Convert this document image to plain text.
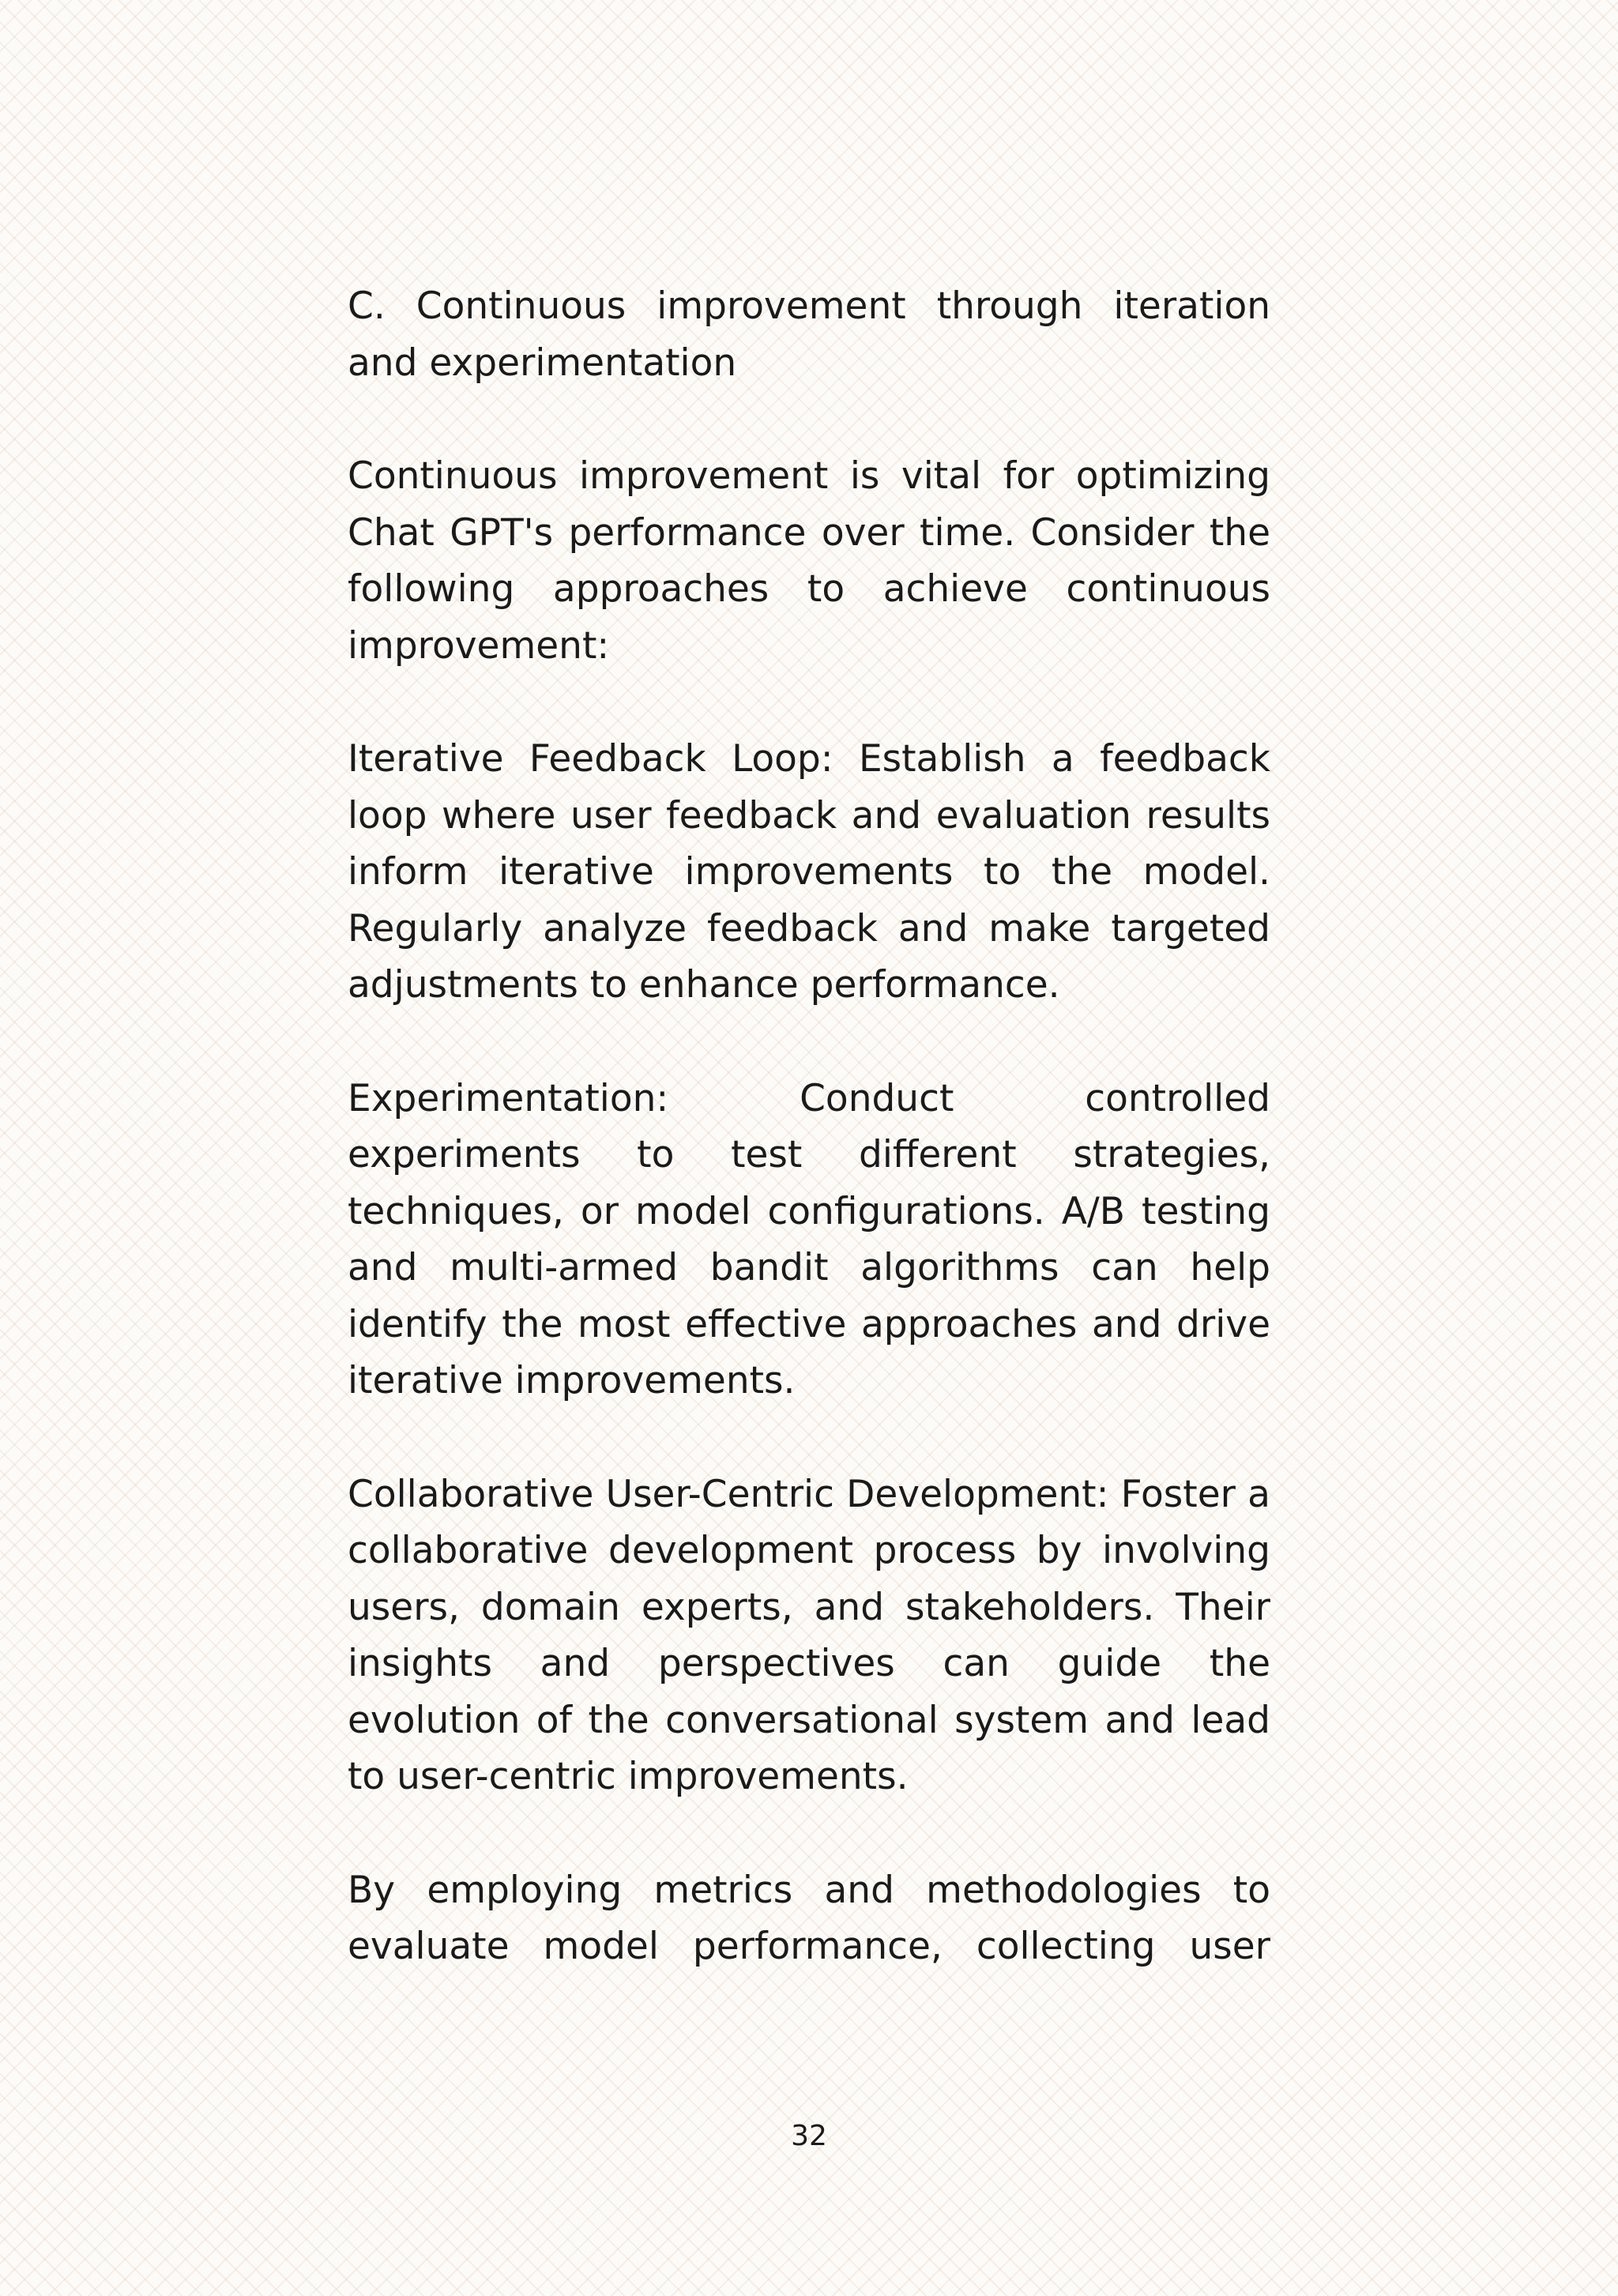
C. Continuous improvement through iteration and experimentation

Continuous improvement is vital for optimizing Chat GPT's performance over time. Consider the following approaches to achieve continuous improvement:

Iterative Feedback Loop: Establish a feedback loop where user feedback and evaluation results inform iterative improvements to the model. Regularly analyze feedback and make targeted adjustments to enhance performance.

Experimentation: Conduct controlled experiments to test different strategies, techniques, or model configurations. A/B testing and multi-armed bandit algorithms can help identify the most effective approaches and drive iterative improvements.

Collaborative User-Centric Development: Foster a collaborative development process by involving users, domain experts, and stakeholders. Their insights and perspectives can guide the evolution of the conversational system and lead to user-centric improvements.

By employing metrics and methodologies to evaluate model performance, collecting user

32
